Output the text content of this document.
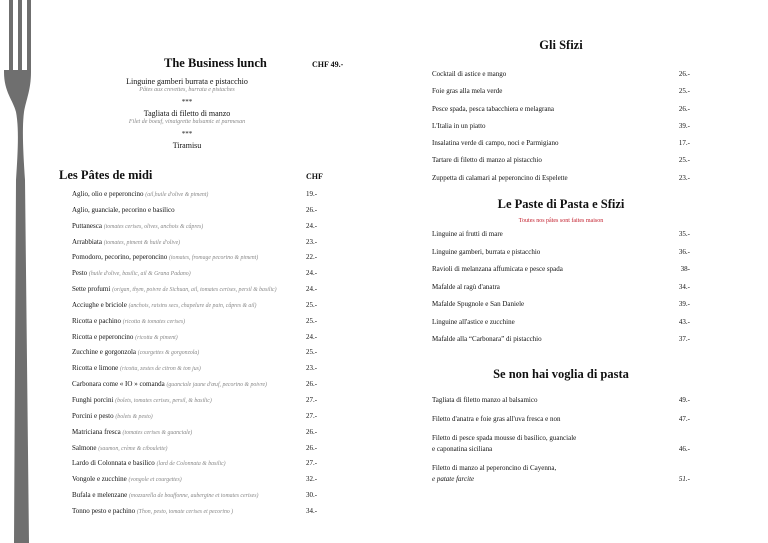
The Business lunch	CHF 49.-
Linguine gamberi burrata e pistacchio
Pâtes aux crevettes, burrata e pistaches
***
Tagliata di filetto di manzo
Filet de boeuf, vinaigrette balsamic et parmesan
***
Tiramisu
Les Pâtes de midi	CHF
Aglio, olio e peperoncino (ail,huile d'olive & piment)	19.-
Aglio, guanciale, pecorino e basilico	26.-
Puttanesca (tomates cerises, olives, anchois & câpres)	24.-
Arrabbiata (tomates, piment & huile d'olive)	23.-
Pomodoro, pecorino, peperoncino (tomates, fromage pecorino & piment)	22.-
Pesto (huile d'olive, basilic, ail & Grana Padano)	24.-
Sette profumi (origan, thym, poivre de Sichuan, ail, tomates cerises, persil & basilic)	24.-
Acciughe e briciole (anchois, raisins secs, chapelure de pain, câpres & ail)	25.-
Ricotta e pachino (ricotta & tomates cerises)	25.-
Ricotta e peperoncino (ricotta & piment)	24.-
Zucchine e gorgonzola (courgettes & gorgonzola)	25.-
Ricotta e limone (ricotta, zestes de citron & ton jus)	23.-
Carbonara come « IO » comanda (guanciale jaune d'œuf, pecorino & poivre)	26.-
Funghi porcini (bolets, tomates cerises, persil, & basilic)	27.-
Porcini e pesto (bolets & pesto)	27.-
Matriciana fresca (tomates cerises & guanciale)	26.-
Salmone (saumon, crème & ciboulette)	26.-
Lardo di Colonnata e basilico (lard de Colonnata & basilic)	27.-
Vongole e zucchine (vongole et courgettes)	32.-
Bufala e melenzane (mozzarella de bouffonne, aubergine et tomates cerises)	30.-
Tonno pesto e pachino (Thon, pesto, tomate cerises et pecorino )	34.-
Gli Sfizi
Cocktail di astice e mango	26.-
Foie gras alla mela verde	25.-
Pesce spada, pesca tabacchiera e melagrana	26.-
L'Italia in un piatto	39.-
Insalatina verde di campo, noci e Parmigiano	17.-
Tartare di filetto di manzo al pistacchio	25.-
Zuppetta di calamari al peperoncino di Espelette	23.-
Le Paste di Pasta e Sfizi
Toutes nos pâtes sont faites maison
Linguine ai frutti di mare	35.-
Linguine gamberi, burrata e pistacchio	36.-
Ravioli di melanzana affumicata e pesce spada	38-
Mafalde al ragù d'anatra	34.-
Mafalde Spugnole e San Daniele	39.-
Linguine all'astice e zucchine	43.-
Mafalde alla “Carbonara” di pistacchio	37.-
Se non hai voglia di pasta
Tagliata di filetto manzo al balsamico	49.-
Filetto d'anatra e foie gras all'uva fresca e non	47.-
Filetto di pesce spada mousse di basilico, guanciale
e caponatina siciliana	46.-
Filetto di manzo al peperoncino di Cayenna,
e patate farcite	51.-
